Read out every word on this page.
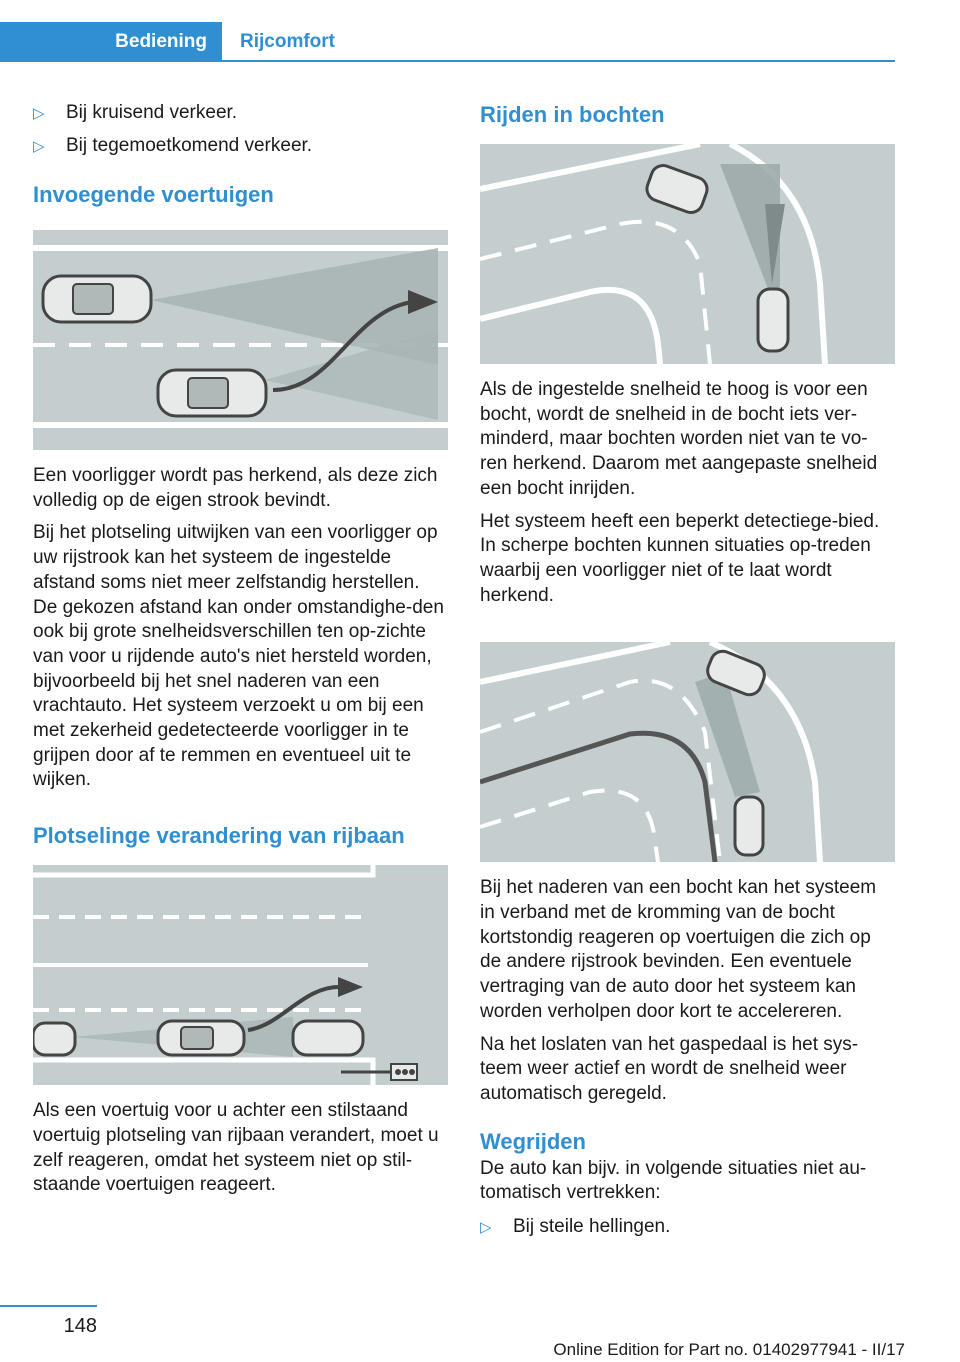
Bediening	Rijcomfort

▷ Bij kruisend verkeer.

▷ Bij tegemoetkomend verkeer.

Invoegende voertuigen

Een voorligger wordt pas herkend, als deze zich volledig op de eigen strook bevindt.

Bij het plotseling uitwijken van een voorligger op uw rijstrook kan het systeem de ingestelde afstand soms niet meer zelfstandig herstellen. De gekozen afstand kan onder omstandighe‐den ook bij grote snelheidsverschillen ten op‐zichte van voor u rijdende auto's niet hersteld worden, bijvoorbeeld bij het snel naderen van een vrachtauto. Het systeem verzoekt u om bij een met zekerheid gedetecteerde voorligger in te grijpen door af te remmen en eventueel uit te wijken.

Plotselinge verandering van rijbaan

Als een voertuig voor u achter een stilstaand voertuig plotseling van rijbaan verandert, moet u zelf reageren, omdat het systeem niet op stil‐staande voertuigen reageert.

Rijden in bochten

Als de ingestelde snelheid te hoog is voor een bocht, wordt de snelheid in de bocht iets ver‐minderd, maar bochten worden niet van te vo‐ren herkend. Daarom met aangepaste snelheid een bocht inrijden.

Het systeem heeft een beperkt detectiege‐bied. In scherpe bochten kunnen situaties op‐treden waarbij een voorligger niet of te laat wordt herkend.

Bij het naderen van een bocht kan het systeem in verband met de kromming van de bocht kortstondig reageren op voertuigen die zich op de andere rijstrook bevinden. Een eventuele vertraging van de auto door het systeem kan worden verholpen door kort te accelereren.

Na het loslaten van het gaspedaal is het sys‐teem weer actief en wordt de snelheid weer automatisch geregeld.

Wegrijden

De auto kan bijv. in volgende situaties niet au‐tomatisch vertrekken:

▷ Bij steile hellingen.

148
Online Edition for Part no. 01402977941 - II/17
